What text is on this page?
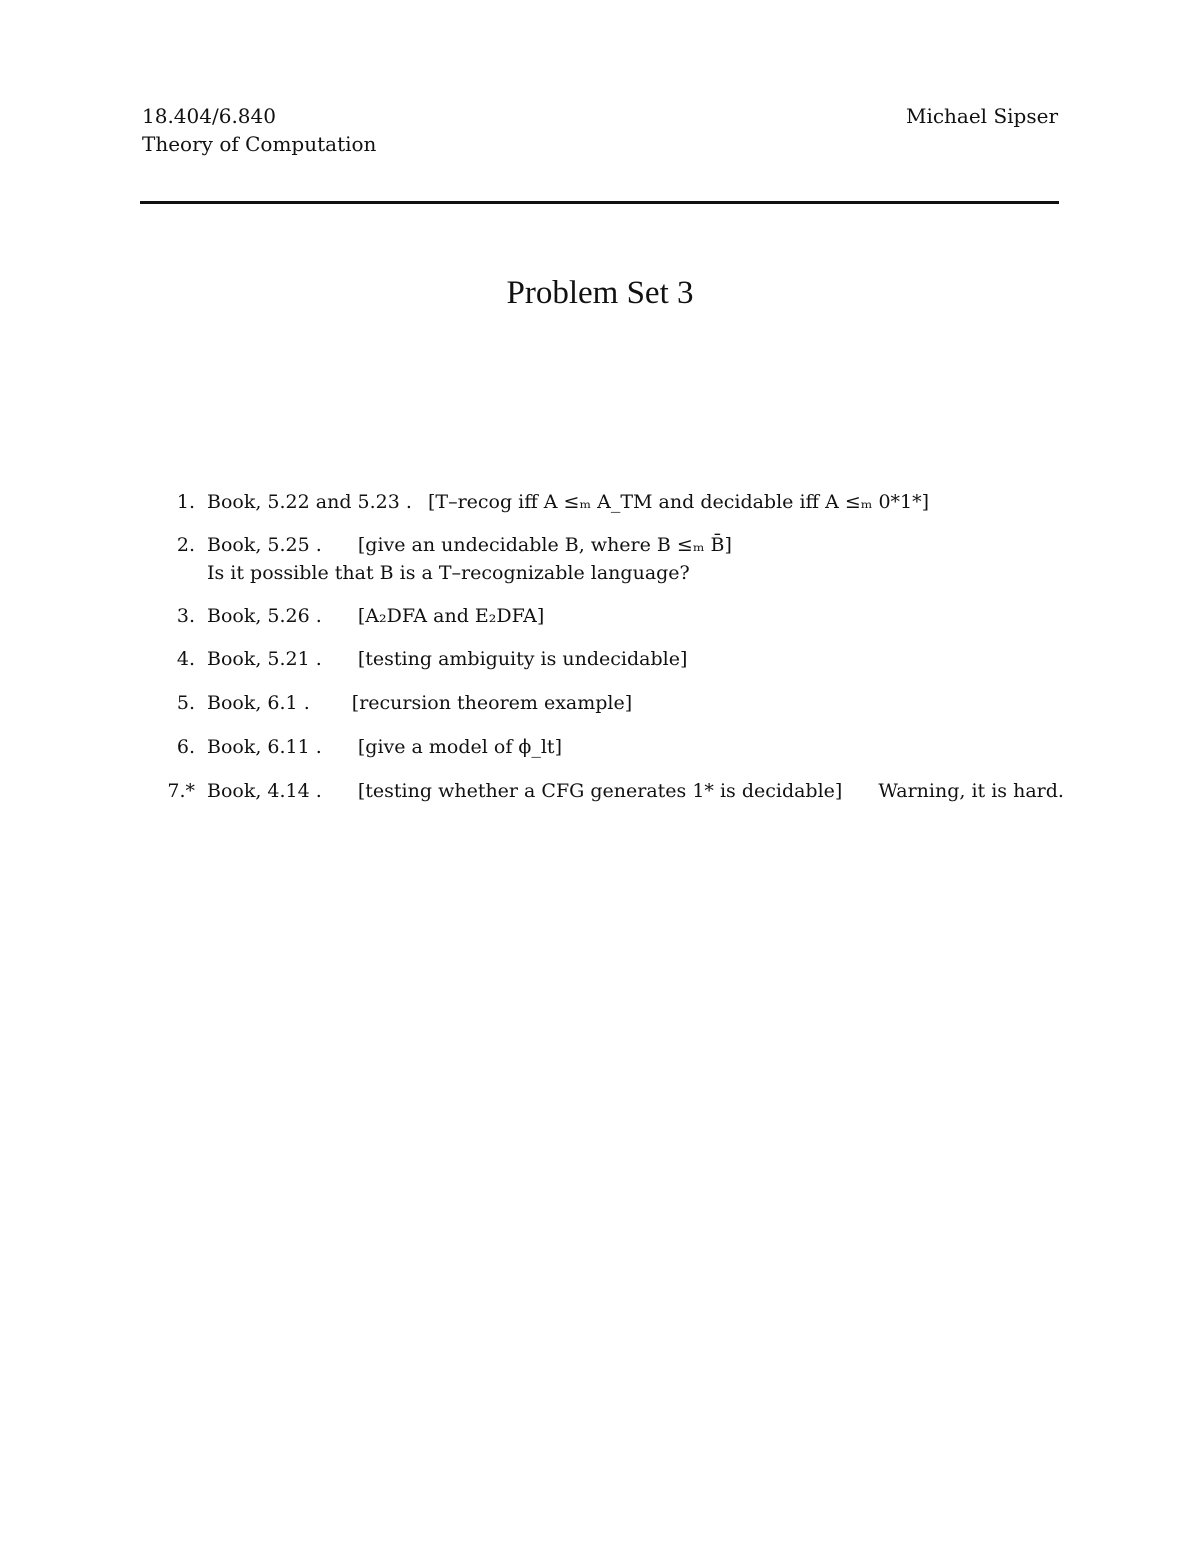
18.404/6.840
Theory of Computation
Michael Sipser
Problem Set 3
1. Book, 5.22 and 5.23 . [T–recog iff A ≤ₘ A_TM and decidable iff A ≤ₘ 0*1*]
2. Book, 5.25 . [give an undecidable B, where B ≤ₘ B̄]
Is it possible that B is a T–recognizable language?
3. Book, 5.26 . [A₂DFA and E₂DFA]
4. Book, 5.21 . [testing ambiguity is undecidable]
5. Book, 6.1 . [recursion theorem example]
6. Book, 6.11 . [give a model of ϕ_lt]
7.* Book, 4.14 . [testing whether a CFG generates 1* is decidable] Warning, it is hard.
